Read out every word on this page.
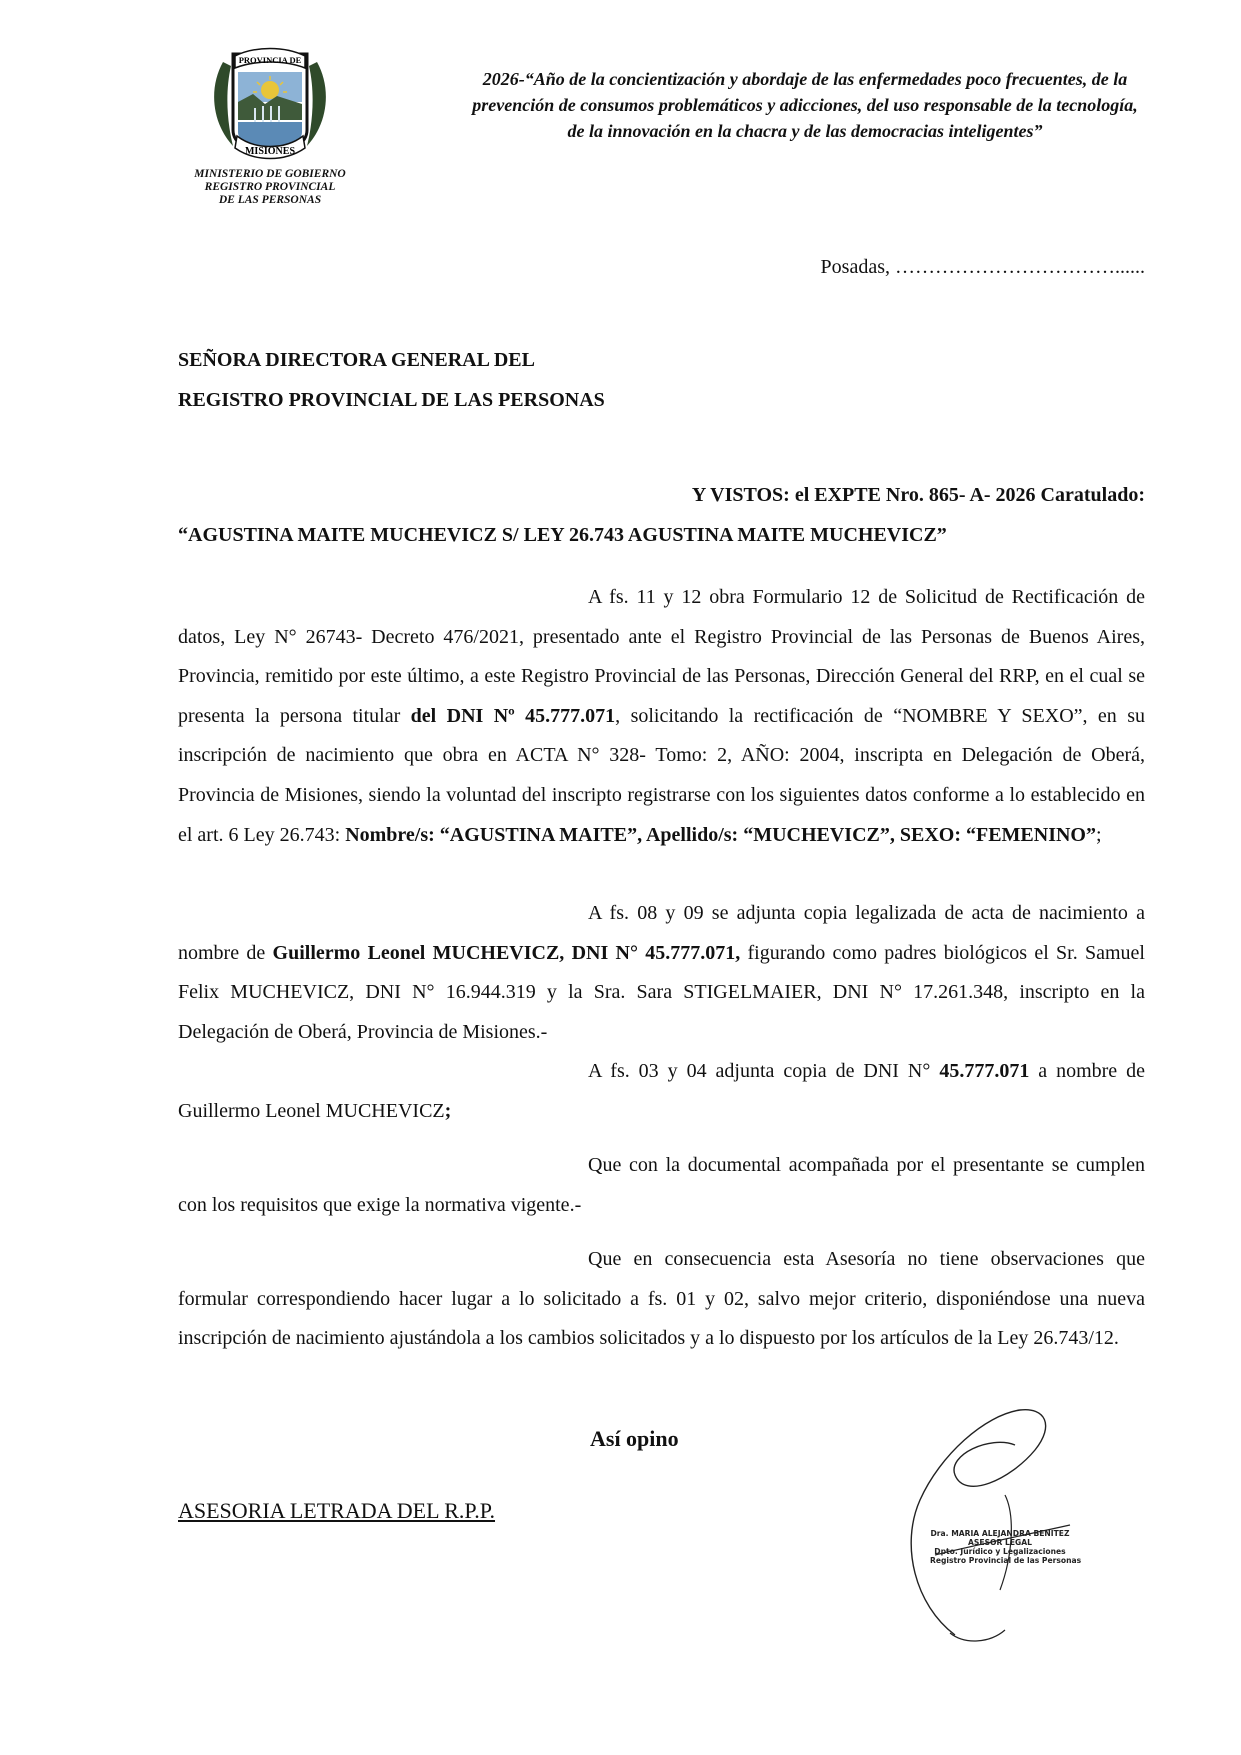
PROVINCIA DE
MISIONES
MINISTERIO DE GOBIERNO
REGISTRO PROVINCIAL
DE LAS PERSONAS
2026-“Año de la concientización y abordaje de las enfermedades poco frecuentes, de la
prevención de consumos problemáticos y adicciones, del uso responsable de la tecnología,
de la innovación en la chacra y de las democracias inteligentes”
Posadas, ……………………………......
SEÑORA DIRECTORA GENERAL DEL
REGISTRO PROVINCIAL DE LAS PERSONAS
Y VISTOS: el EXPTE Nro. 865- A- 2026 Caratulado:
“AGUSTINA MAITE MUCHEVICZ S/ LEY 26.743 AGUSTINA MAITE MUCHEVICZ”

A fs. 11 y 12 obra Formulario 12 de Solicitud de Rectificación de datos, Ley N° 26743- Decreto 476/2021, presentado ante el Registro Provincial de las Personas de Buenos Aires, Provincia, remitido por este último, a este Registro Provincial de las Personas, Dirección General del RRP, en el cual se presenta la persona titular del DNI Nº 45.777.071, solicitando la rectificación de “NOMBRE Y SEXO”, en su inscripción de nacimiento que obra en ACTA N° 328- Tomo: 2, AÑO: 2004, inscripta en Delegación de Oberá, Provincia de Misiones, siendo la voluntad del inscripto registrarse con los siguientes datos conforme a lo establecido en el art. 6 Ley 26.743: Nombre/s: “AGUSTINA MAITE”, Apellido/s: “MUCHEVICZ”, SEXO: “FEMENINO”;

A fs. 08 y 09 se adjunta copia legalizada de acta de nacimiento a nombre de Guillermo Leonel MUCHEVICZ, DNI N° 45.777.071, figurando como padres biológicos el Sr. Samuel Felix MUCHEVICZ, DNI N° 16.944.319 y la Sra. Sara STIGELMAIER, DNI N° 17.261.348, inscripto en la Delegación de Oberá, Provincia de Misiones.-

A fs. 03 y 04 adjunta copia de DNI N° 45.777.071 a nombre de Guillermo Leonel MUCHEVICZ;

Que con la documental acompañada por el presentante se cumplen con los requisitos que exige la normativa vigente.-

Que en consecuencia esta Asesoría no tiene observaciones que formular correspondiendo hacer lugar a lo solicitado a fs. 01 y 02, salvo mejor criterio, disponiéndose una nueva inscripción de nacimiento ajustándola a los cambios solicitados y a lo dispuesto por los artículos de la Ley 26.743/12.

Así opino
ASESORIA LETRADA DEL R.P.P.
Dra. MARIA ALEJANDRA BENITEZ
ASESOR LEGAL
Dpto. Jurídico y Legalizaciones
Registro Provincial de las Personas
